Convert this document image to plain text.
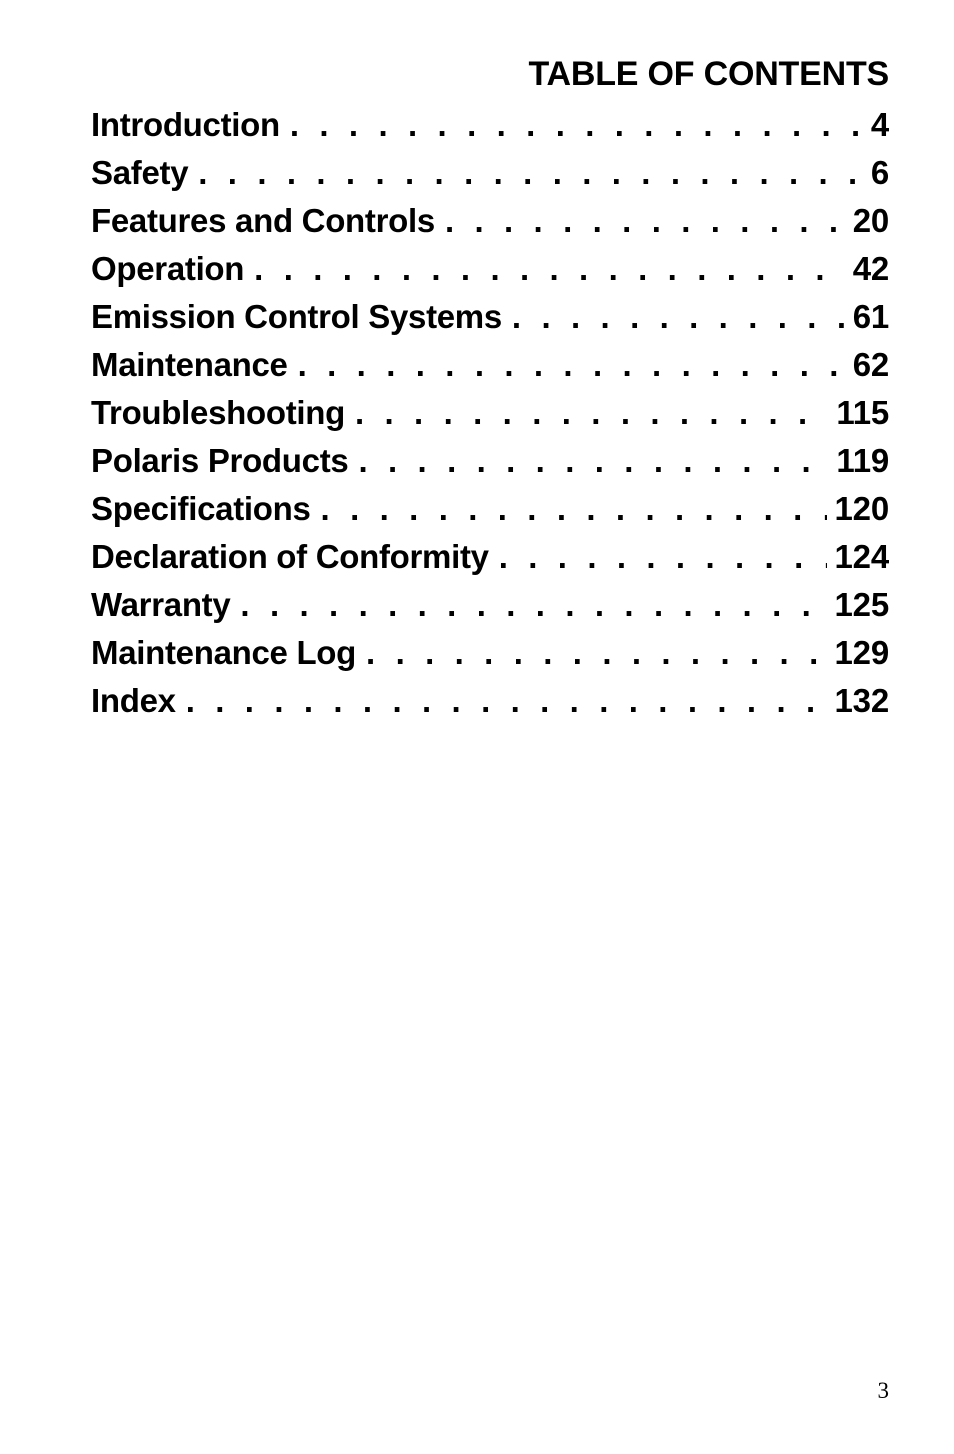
TABLE OF CONTENTS
Introduction . . .	4
Safety . . .	6
Features and Controls . . .	20
Operation . . .	42
Emission Control Systems . . .	61
Maintenance . . .	62
Troubleshooting . . .	115
Polaris Products . . .	119
Specifications . . .	120
Declaration of Conformity . . .	124
Warranty . . .	125
Maintenance Log . . .	129
Index . . .	132
3
